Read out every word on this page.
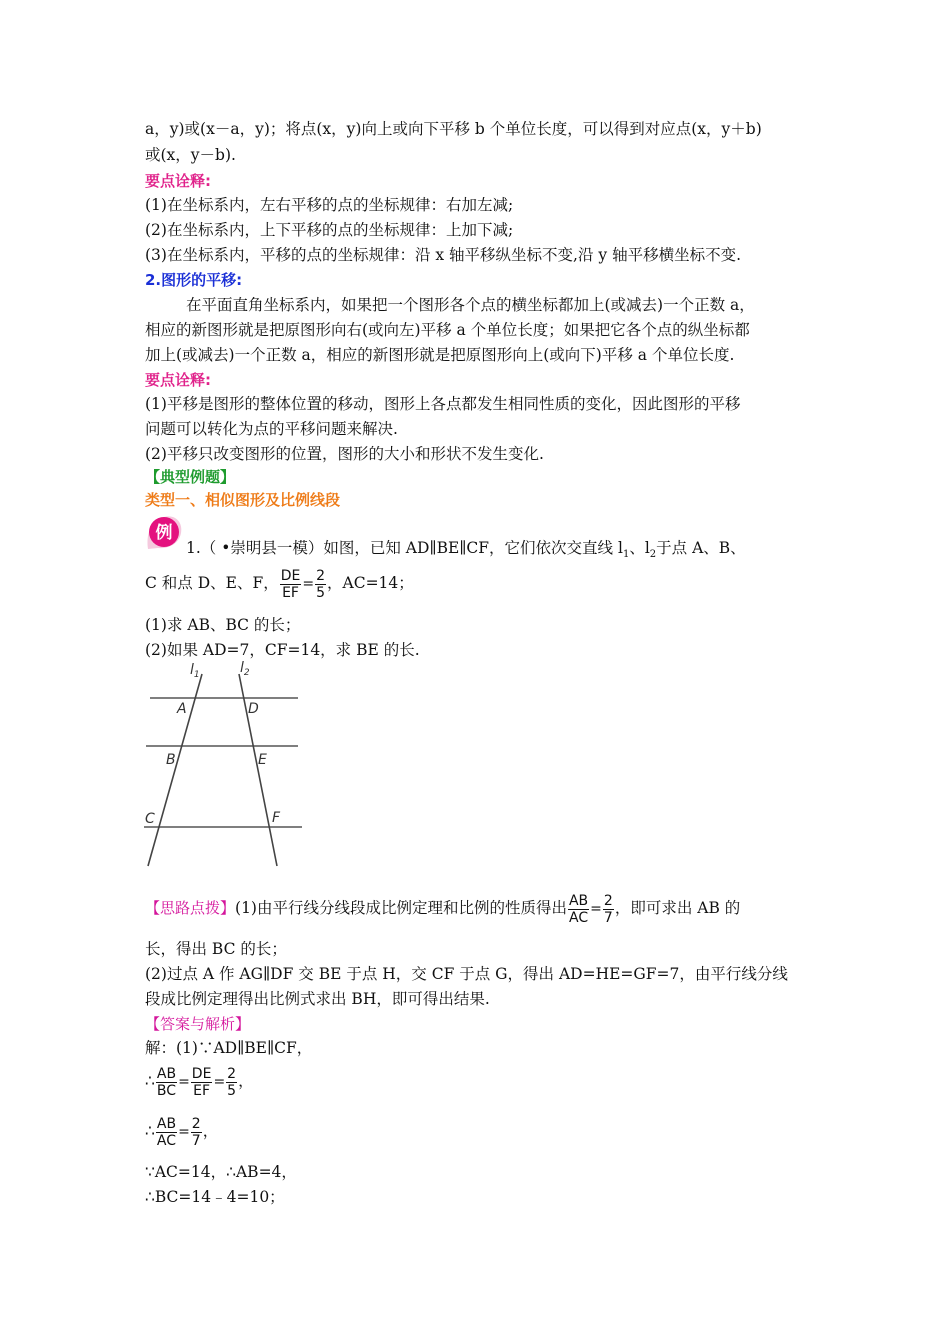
a，y)或(x－a，y)；将点(x，y)向上或向下平移 b 个单位长度，可以得到对应点(x，y＋b)
或(x，y－b).
要点诠释:
(1)在坐标系内，左右平移的点的坐标规律：右加左减;
(2)在坐标系内，上下平移的点的坐标规律：上加下减;
(3)在坐标系内，平移的点的坐标规律：沿 x 轴平移纵坐标不变,沿 y 轴平移横坐标不变.
2.图形的平移:
在平面直角坐标系内，如果把一个图形各个点的横坐标都加上(或减去)一个正数 a，
相应的新图形就是把原图形向右(或向左)平移 a 个单位长度；如果把它各个点的纵坐标都
加上(或减去)一个正数 a，相应的新图形就是把原图形向上(或向下)平移 a 个单位长度.
要点诠释:
(1)平移是图形的整体位置的移动，图形上各点都发生相同性质的变化，因此图形的平移
问题可以转化为点的平移问题来解决.
(2)平移只改变图形的位置，图形的大小和形状不发生变化.
【典型例题】
类型一、相似图形及比例线段
例
1.（ •崇明县一模）如图，已知 AD∥BE∥CF，它们依次交直线 $l_1$、$l_2$于点 A、B、
C 和点 D、E、F， $\frac{DE}{EF} = \frac{2}{5}$ ，AC=14；
(1)求 AB、BC 的长；
(2)如果 AD=7，CF=14，求 BE 的长.
$l_1$	$l_2$
A	D
B	E
C	F
【思路点拨】(1)由平行线分线段成比例定理和比例的性质得出 $\frac{AB}{AC} = \frac{2}{7}$ ，即可求出 AB 的
长，得出 BC 的长；
(2)过点 A 作 AG∥DF 交 BE 于点 H，交 CF 于点 G，得出 AD=HE=GF=7，由平行线分线
段成比例定理得出比例式求出 BH，即可得出结果.
【答案与解析】
解：(1)∵AD∥BE∥CF，
∴ $\frac{AB}{BC} = \frac{DE}{EF} = \frac{2}{5}$ ，
∴ $\frac{AB}{AC} = \frac{2}{7}$ ，
∵AC=14，∴AB=4，
∴BC=14﹣4=10；
